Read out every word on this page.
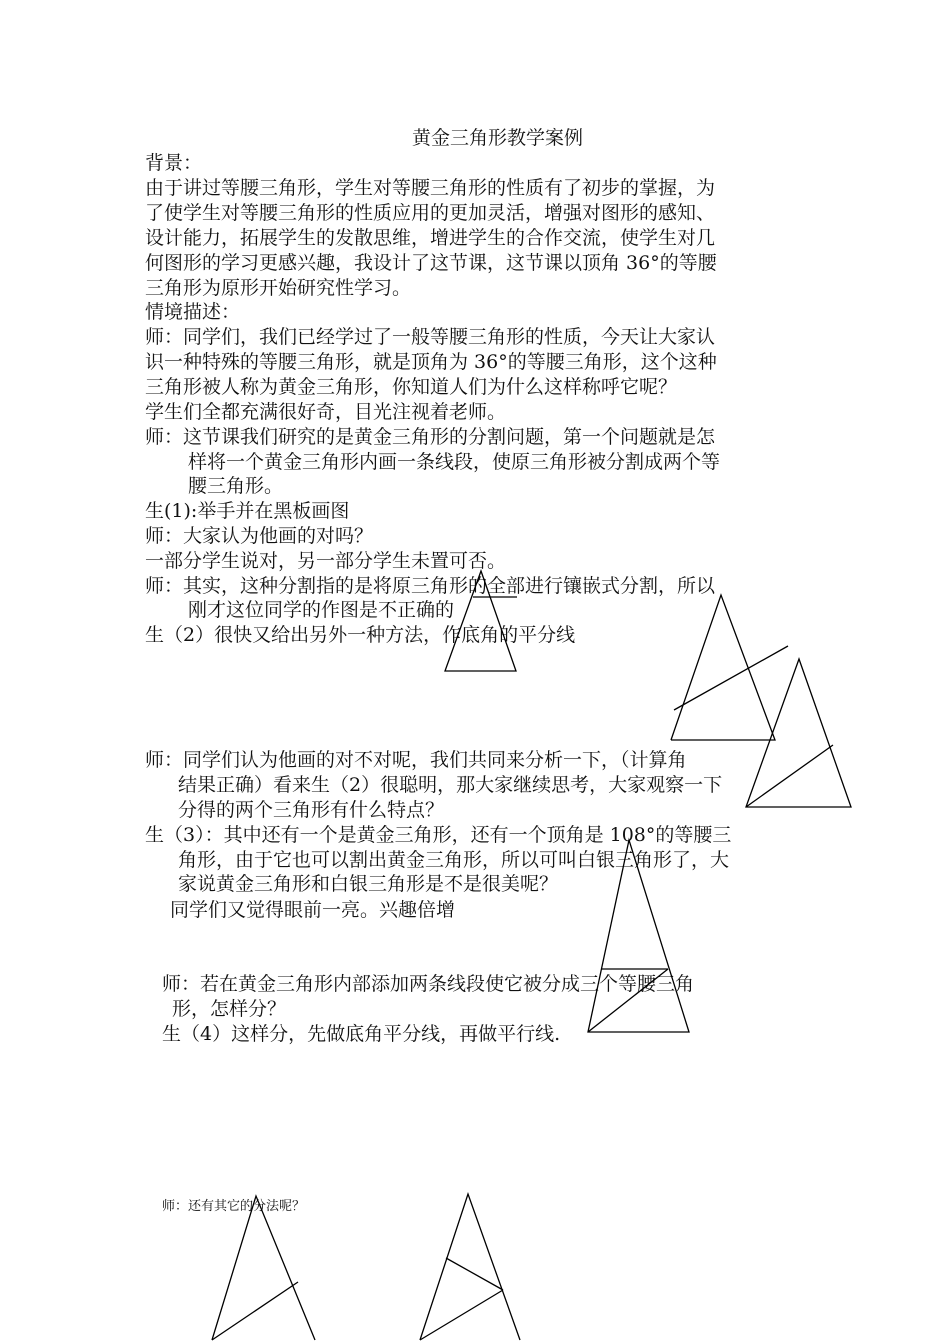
黄金三角形教学案例
背景：
由于讲过等腰三角形，学生对等腰三角形的性质有了初步的掌握，为
了使学生对等腰三角形的性质应用的更加灵活，增强对图形的感知、
设计能力，拓展学生的发散思维，增进学生的合作交流，使学生对几
何图形的学习更感兴趣，我设计了这节课，这节课以顶角 36°的等腰
三角形为原形开始研究性学习。
情境描述：
师：同学们，我们已经学过了一般等腰三角形的性质，今天让大家认
识一种特殊的等腰三角形，就是顶角为 36°的等腰三角形，这个这种
三角形被人称为黄金三角形，你知道人们为什么这样称呼它呢？
学生们全都充满很好奇，目光注视着老师。
师：这节课我们研究的是黄金三角形的分割问题，第一个问题就是怎
样将一个黄金三角形内画一条线段，使原三角形被分割成两个等
腰三角形。
生(1):举手并在黑板画图
师：大家认为他画的对吗？
一部分学生说对，另一部分学生未置可否。
师：其实，这种分割指的是将原三角形的全部进行镶嵌式分割，所以
刚才这位同学的作图是不正确的
生（2）很快又给出另外一种方法，作底角的平分线
师：同学们认为他画的对不对呢，我们共同来分析一下，（计算角
结果正确）看来生（2）很聪明，那大家继续思考，大家观察一下
分得的两个三角形有什么特点？
生（3）：其中还有一个是黄金三角形，还有一个顶角是 108°的等腰三
角形，由于它也可以割出黄金三角形，所以可叫白银三角形了，大
家说黄金三角形和白银三角形是不是很美呢？
同学们又觉得眼前一亮。兴趣倍增
师：若在黄金三角形内部添加两条线段使它被分成三个等腰三角
形，怎样分？
生（4）这样分，先做底角平分线，再做平行线.
师：还有其它的分法呢？
